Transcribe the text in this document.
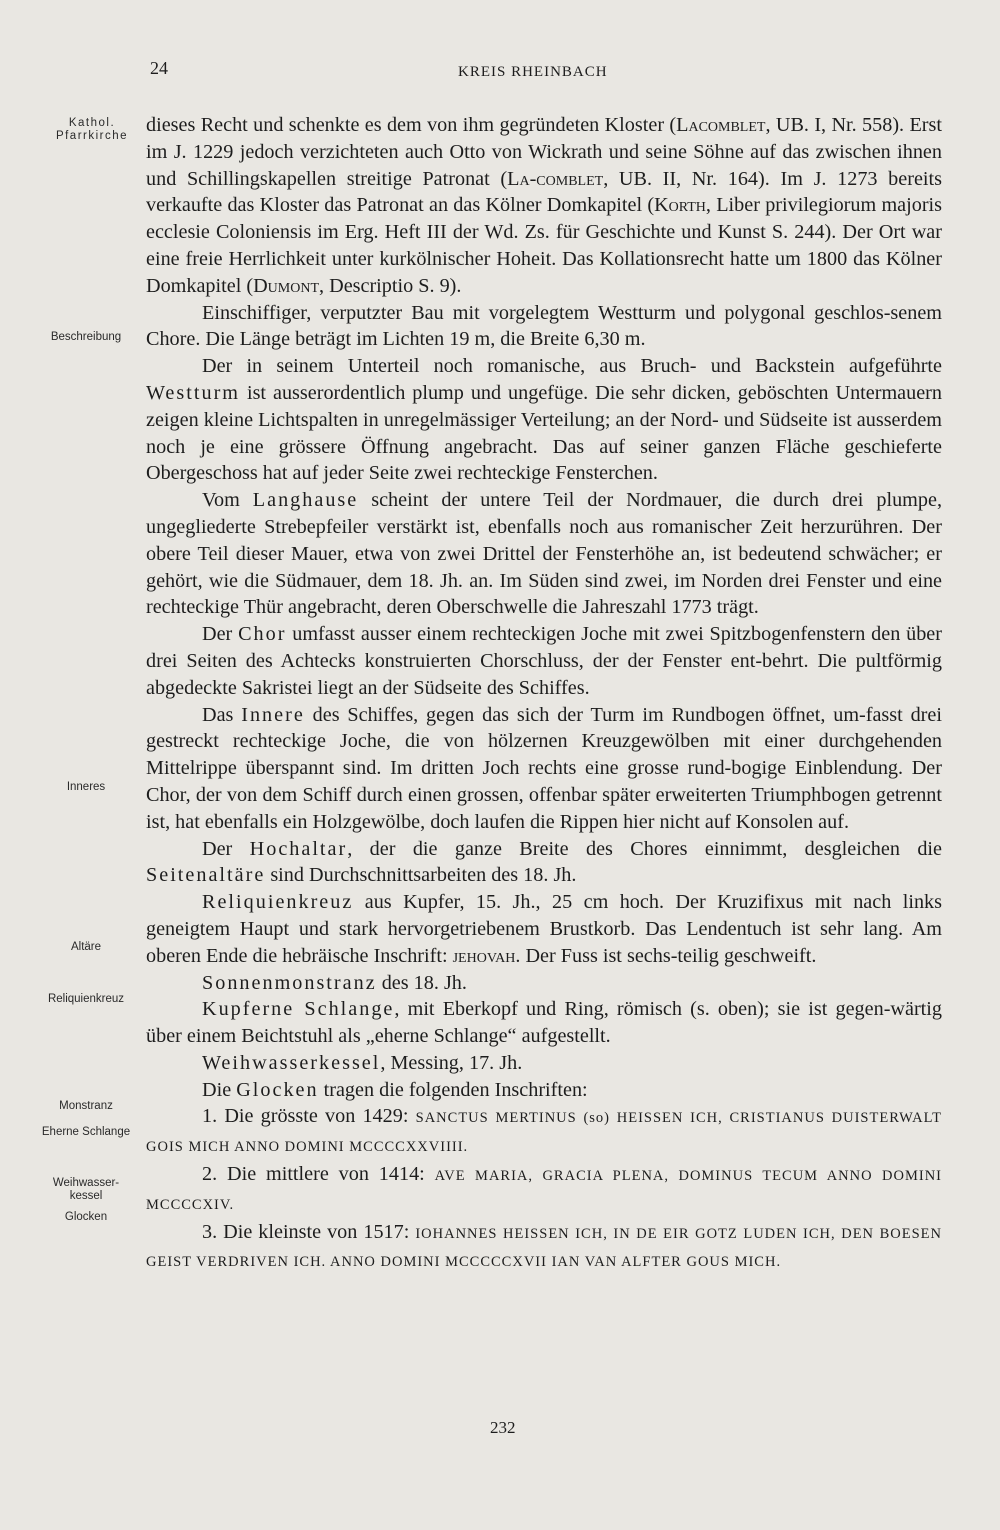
24	KREIS RHEINBACH
Kathol.
Pfarrkirche
Beschreibung
Inneres
Altäre
Reliquienkreuz
Monstranz
Eherne Schlange
Weihwasser-
kessel
Glocken

dieses Recht und schenkte es dem von ihm gegründeten Kloster (Lacomblet, UB. I, Nr. 558). Erst im J. 1229 jedoch verzichteten auch Otto von Wickrath und seine Söhne auf das zwischen ihnen und Schillingskapellen streitige Patronat (La-comblet, UB. II, Nr. 164). Im J. 1273 bereits verkaufte das Kloster das Patronat an das Kölner Domkapitel (Korth, Liber privilegiorum majoris ecclesie Coloniensis im Erg. Heft III der Wd. Zs. für Geschichte und Kunst S. 244). Der Ort war eine freie Herrlichkeit unter kurkölnischer Hoheit. Das Kollationsrecht hatte um 1800 das Kölner Domkapitel (Dumont, Descriptio S. 9).

Einschiffiger, verputzter Bau mit vorgelegtem Westturm und polygonal geschlos-senem Chore. Die Länge beträgt im Lichten 19 m, die Breite 6,30 m.

Der in seinem Unterteil noch romanische, aus Bruch- und Backstein aufgeführte Westturm ist ausserordentlich plump und ungefüge. Die sehr dicken, geböschten Untermauern zeigen kleine Lichtspalten in unregelmässiger Verteilung; an der Nord- und Südseite ist ausserdem noch je eine grössere Öffnung angebracht. Das auf seiner ganzen Fläche geschieferte Obergeschoss hat auf jeder Seite zwei rechteckige Fensterchen.

Vom Langhause scheint der untere Teil der Nordmauer, die durch drei plumpe, ungegliederte Strebepfeiler verstärkt ist, ebenfalls noch aus romanischer Zeit herzurühren. Der obere Teil dieser Mauer, etwa von zwei Drittel der Fensterhöhe an, ist bedeutend schwächer; er gehört, wie die Südmauer, dem 18. Jh. an. Im Süden sind zwei, im Norden drei Fenster und eine rechteckige Thür angebracht, deren Oberschwelle die Jahreszahl 1773 trägt.

Der Chor umfasst ausser einem rechteckigen Joche mit zwei Spitzbogenfenstern den über drei Seiten des Achtecks konstruierten Chorschluss, der der Fenster ent-behrt. Die pultförmig abgedeckte Sakristei liegt an der Südseite des Schiffes.

Das Innere des Schiffes, gegen das sich der Turm im Rundbogen öffnet, um-fasst drei gestreckt rechteckige Joche, die von hölzernen Kreuzgewölben mit einer durchgehenden Mittelrippe überspannt sind. Im dritten Joch rechts eine grosse rund-bogige Einblendung. Der Chor, der von dem Schiff durch einen grossen, offenbar später erweiterten Triumphbogen getrennt ist, hat ebenfalls ein Holzgewölbe, doch laufen die Rippen hier nicht auf Konsolen auf.

Der Hochaltar, der die ganze Breite des Chores einnimmt, desgleichen die Seitenaltäre sind Durchschnittsarbeiten des 18. Jh.

Reliquienkreuz aus Kupfer, 15. Jh., 25 cm hoch. Der Kruzifixus mit nach links geneigtem Haupt und stark hervorgetriebenem Brustkorb. Das Lendentuch ist sehr lang. Am oberen Ende die hebräische Inschrift: jehovah. Der Fuss ist sechs-teilig geschweift.

Sonnenmonstranz des 18. Jh.

Kupferne Schlange, mit Eberkopf und Ring, römisch (s. oben); sie ist gegen-wärtig über einem Beichtstuhl als „eherne Schlange“ aufgestellt.

Weihwasserkessel, Messing, 17. Jh.

Die Glocken tragen die folgenden Inschriften:

1. Die grösste von 1429: SANCTUS MERTINUS (so) HEISSEN ICH, CRISTIANUS DUISTERWALT GOIS MICH ANNO DOMINI MCCCCXXVIIII.

2. Die mittlere von 1414: AVE MARIA, GRACIA PLENA, DOMINUS TECUM ANNO DOMINI MCCCCXIV.

3. Die kleinste von 1517: IOHANNES HEISSEN ICH, IN DE EIR GOTZ LUDEN ICH, DEN BOESEN GEIST VERDRIVEN ICH. ANNO DOMINI MCCCCCXVII IAN VAN ALFTER GOUS MICH.

232
